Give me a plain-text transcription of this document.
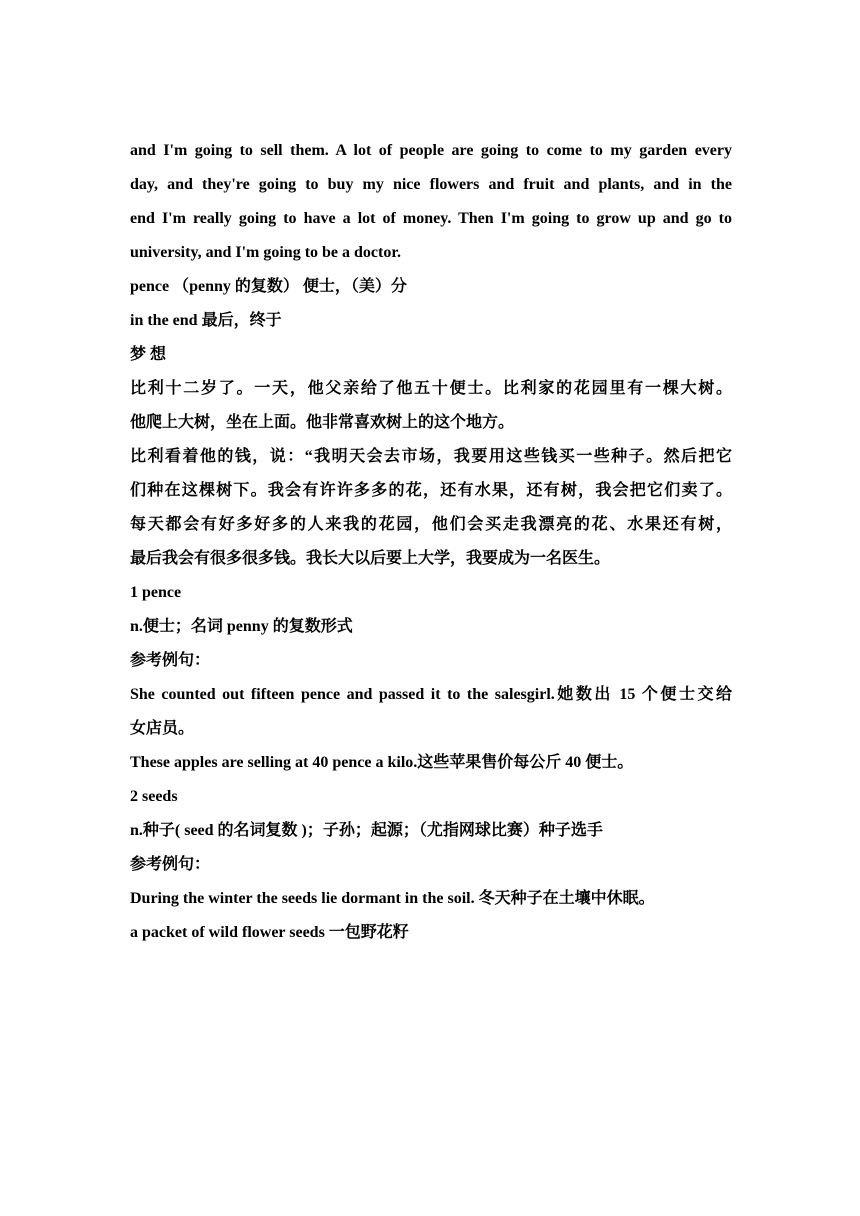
and I'm going to sell them. A lot of people are going to come to my garden every
day, and they're going to buy my nice flowers and fruit and plants, and in the
end I'm really going to have a lot of money. Then I'm going to grow up and go to
university, and I'm going to be a doctor.
pence （penny 的复数） 便士，（美）分
in the end 最后，终于
梦 想
比利十二岁了。一天，他父亲给了他五十便士。比利家的花园里有一棵大树。
他爬上大树，坐在上面。他非常喜欢树上的这个地方。
比利看着他的钱，说：“我明天会去市场，我要用这些钱买一些种子。然后把它
们种在这棵树下。我会有许许多多的花，还有水果，还有树，我会把它们卖了。
每天都会有好多好多的人来我的花园，他们会买走我漂亮的花、水果还有树，
最后我会有很多很多钱。我长大以后要上大学，我要成为一名医生。
1 pence
n.便士；名词 penny 的复数形式
参考例句：
She counted out fifteen pence and passed it to the salesgirl.她数出 15 个便士交给
女店员。
These apples are selling at 40 pence a kilo.这些苹果售价每公斤 40 便士。
2 seeds
n.种子( seed 的名词复数 )；子孙；起源；（尤指网球比赛）种子选手
参考例句：
During the winter the seeds lie dormant in the soil. 冬天种子在土壤中休眠。
a packet of wild flower seeds 一包野花籽
